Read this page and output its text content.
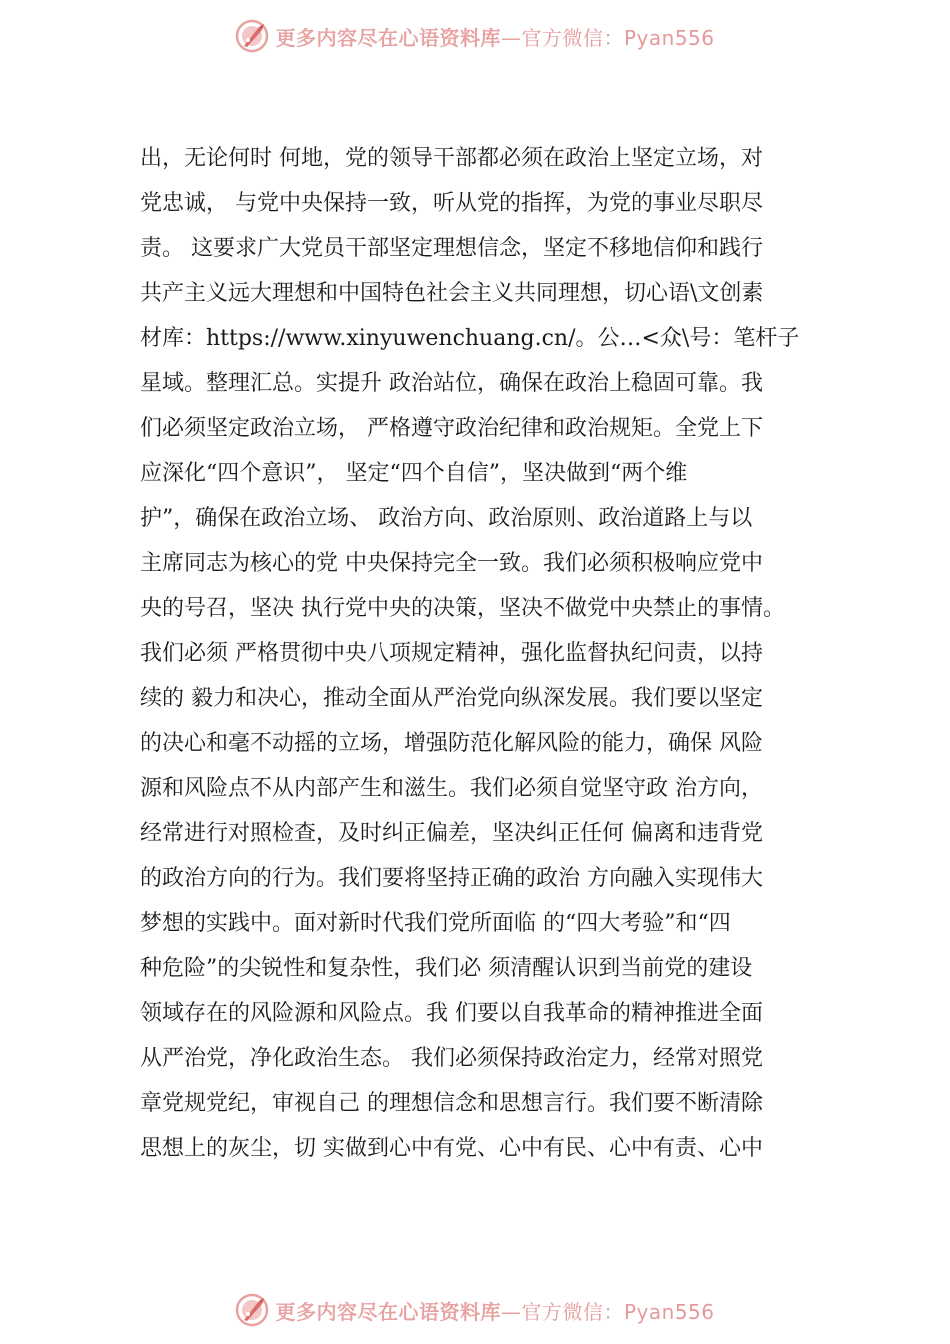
更多内容尽在心语资料库—官方微信：Pyan556
出，无论何时 何地，党的领导干部都必须在政治上坚定立场，对
党忠诚， 与党中央保持一致，听从党的指挥，为党的事业尽职尽
责。 这要求广大党员干部坚定理想信念，坚定不移地信仰和践行
共产主义远大理想和中国特色社会主义共同理想，切心语\文创素
材库：https://www.xinyuwenchuang.cn/。公…<众\号：笔杆子
星域。整理汇总。实提升 政治站位，确保在政治上稳固可靠。我
们必须坚定政治立场， 严格遵守政治纪律和政治规矩。全党上下
应深化“四个意识”， 坚定“四个自信”，坚决做到“两个维
护”，确保在政治立场、 政治方向、政治原则、政治道路上与以
主席同志为核心的党 中央保持完全一致。我们必须积极响应党中
央的号召，坚决 执行党中央的决策，坚决不做党中央禁止的事情。
我们必须 严格贯彻中央八项规定精神，强化监督执纪问责，以持
续的 毅力和决心，推动全面从严治党向纵深发展。我们要以坚定
的决心和毫不动摇的立场，增强防范化解风险的能力，确保 风险
源和风险点不从内部产生和滋生。我们必须自觉坚守政 治方向，
经常进行对照检查，及时纠正偏差，坚决纠正任何 偏离和违背党
的政治方向的行为。我们要将坚持正确的政治 方向融入实现伟大
梦想的实践中。面对新时代我们党所面临 的“四大考验”和“四
种危险”的尖锐性和复杂性，我们必 须清醒认识到当前党的建设
领域存在的风险源和风险点。我 们要以自我革命的精神推进全面
从严治党，净化政治生态。 我们必须保持政治定力，经常对照党
章党规党纪，审视自己 的理想信念和思想言行。我们要不断清除
思想上的灰尘，切 实做到心中有党、心中有民、心中有责、心中
更多内容尽在心语资料库—官方微信：Pyan556
